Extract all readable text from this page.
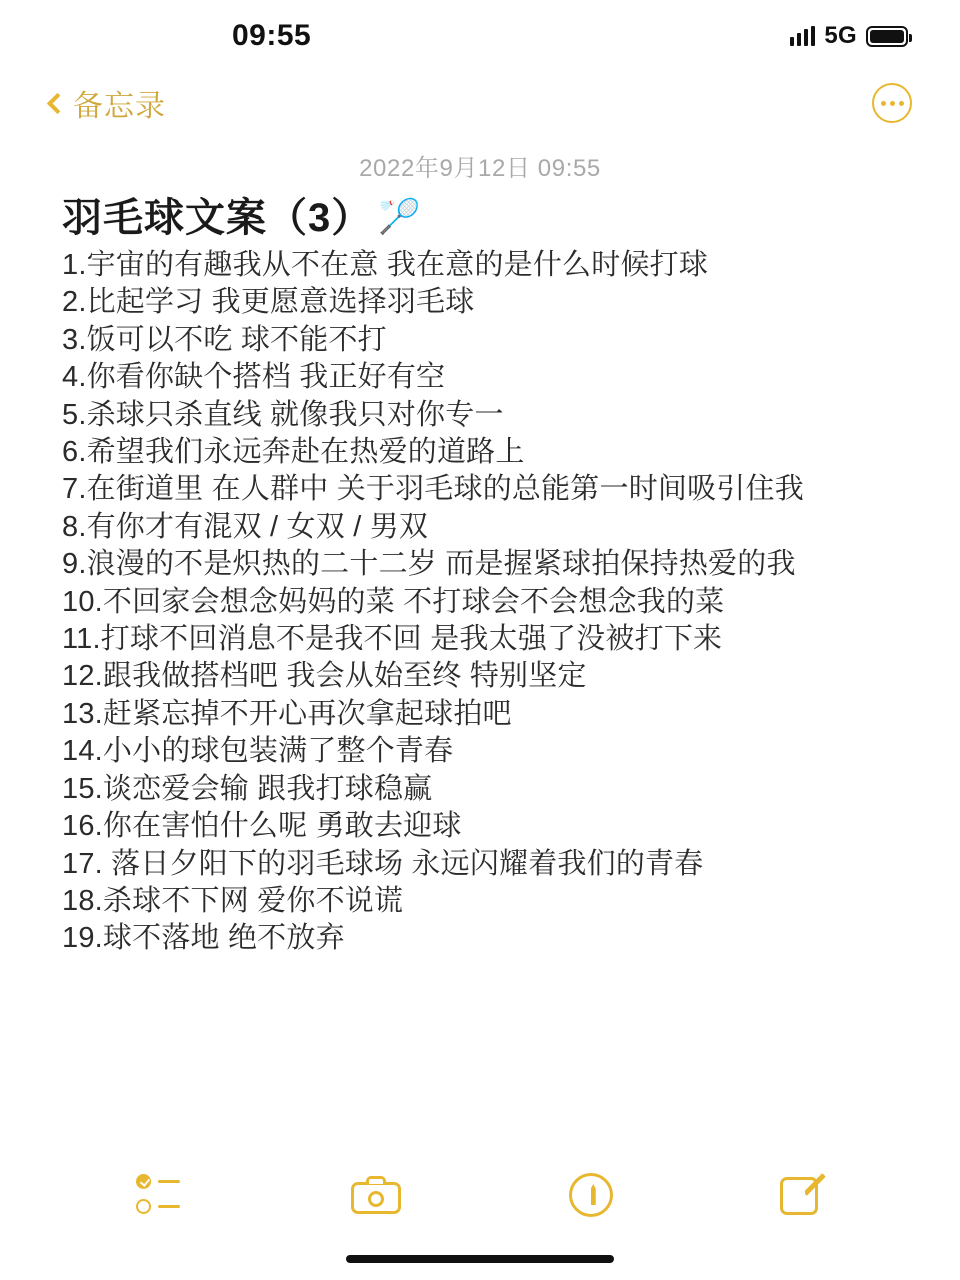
09:55	5G
备忘录
2022年9月12日 09:55
羽毛球文案（3） 🏸
1.宇宙的有趣我从不在意 我在意的是什么时候打球
2.比起学习 我更愿意选择羽毛球
3.饭可以不吃 球不能不打
4.你看你缺个搭档 我正好有空
5.杀球只杀直线 就像我只对你专一
6.希望我们永远奔赴在热爱的道路上
7.在街道里 在人群中 关于羽毛球的总能第一时间吸引住我
8.有你才有混双 / 女双 / 男双
9.浪漫的不是炽热的二十二岁 而是握紧球拍保持热爱的我
10.不回家会想念妈妈的菜 不打球会不会想念我的菜
11.打球不回消息不是我不回 是我太强了没被打下来
12.跟我做搭档吧 我会从始至终 特别坚定
13.赶紧忘掉不开心再次拿起球拍吧
14.小小的球包装满了整个青春
15.谈恋爱会输 跟我打球稳赢
16.你在害怕什么呢 勇敢去迎球
17. 落日夕阳下的羽毛球场 永远闪耀着我们的青春
18.杀球不下网 爱你不说谎
19.球不落地 绝不放弃
